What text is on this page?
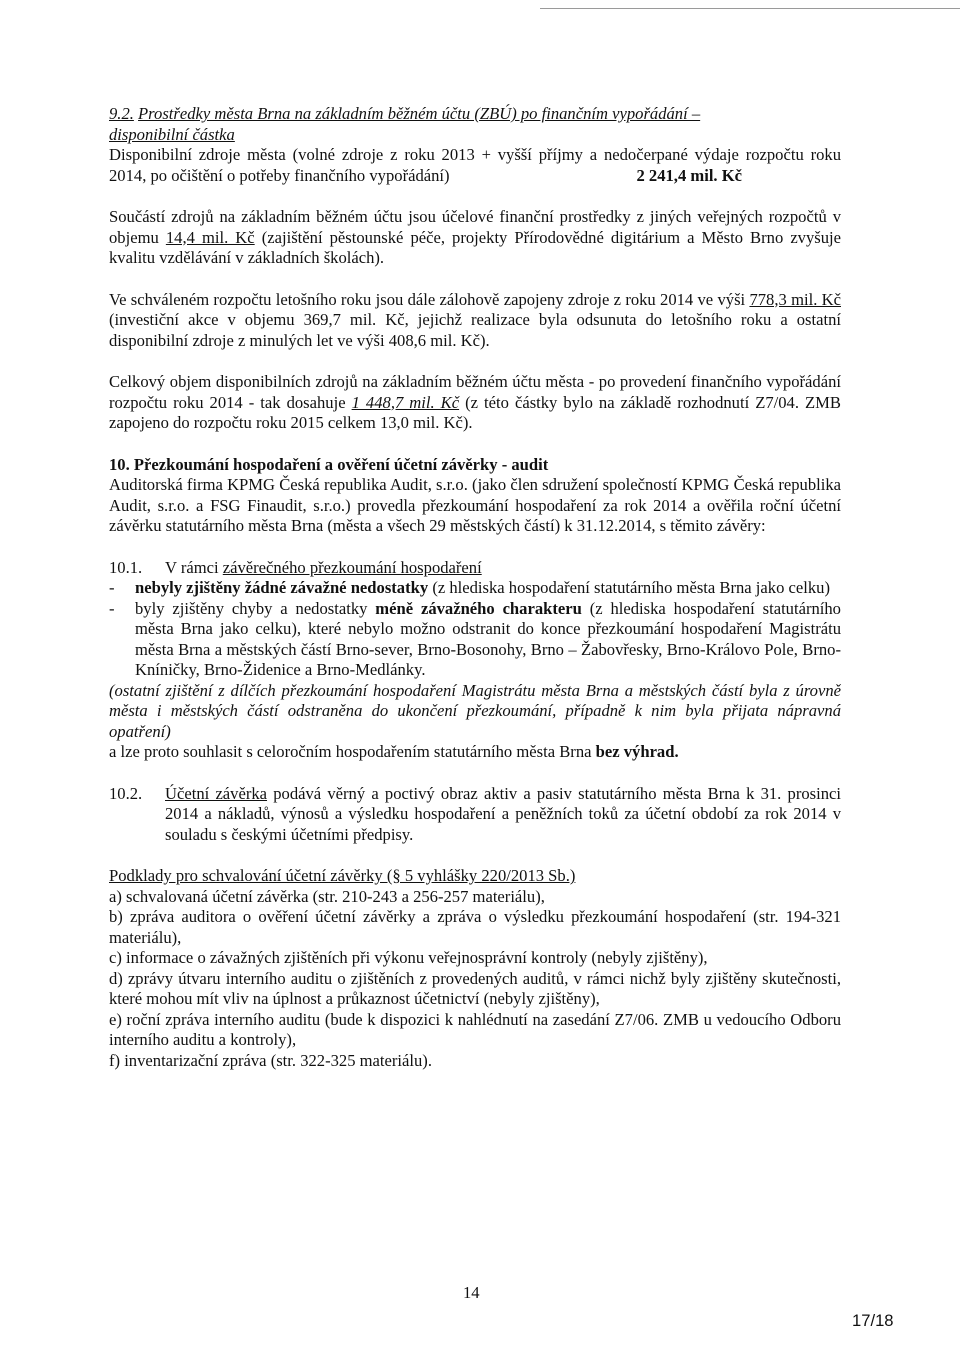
9.2. Prostředky města Brna na základním běžném účtu (ZBÚ) po finančním vypořádání –
disponibilní částka

Disponibilní zdroje města (volné zdroje z roku 2013 + vyšší příjmy a nedočerpané výdaje rozpočtu roku 2014, po očištění o potřeby finančního vypořádání)	2 241,4 mil. Kč

Součástí zdrojů na základním běžném účtu jsou účelové finanční prostředky z jiných veřejných rozpočtů v objemu 14,4 mil. Kč (zajištění pěstounské péče, projekty Přírodovědné digitárium a Město Brno zvyšuje kvalitu vzdělávání v základních školách).

Ve schváleném rozpočtu letošního roku jsou dále zálohově zapojeny zdroje z roku 2014 ve výši 778,3 mil. Kč (investiční akce v objemu 369,7 mil. Kč, jejichž realizace byla odsunuta do letošního roku a ostatní disponibilní zdroje z minulých let ve výši 408,6 mil. Kč).

Celkový objem disponibilních zdrojů na základním běžném účtu města - po provedení finančního vypořádání rozpočtu roku 2014 - tak dosahuje 1 448,7 mil. Kč (z této částky bylo na základě rozhodnutí Z7/04. ZMB zapojeno do rozpočtu roku 2015 celkem 13,0 mil. Kč).

10. Přezkoumání hospodaření a ověření účetní závěrky - audit

Auditorská firma KPMG Česká republika Audit, s.r.o. (jako člen sdružení společností KPMG Česká republika Audit, s.r.o. a FSG Finaudit, s.r.o.) provedla přezkoumání hospodaření za rok 2014 a ověřila roční účetní závěrku statutárního města Brna (města a všech 29 městských částí) k 31.12.2014, s těmito závěry:

10.1.	V rámci závěrečného přezkoumání hospodaření
-	nebyly zjištěny žádné závažné nedostatky (z hlediska hospodaření statutárního města Brna jako celku)
-	byly zjištěny chyby a nedostatky méně závažného charakteru (z hlediska hospodaření statutárního města Brna jako celku), které nebylo možno odstranit do konce přezkoumání hospodaření Magistrátu města Brna a městských částí Brno-sever, Brno-Bosonohy, Brno – Žabovřesky, Brno-Královo Pole, Brno-Kníničky, Brno-Židenice a Brno-Medlánky.

(ostatní zjištění z dílčích přezkoumání hospodaření Magistrátu města Brna a městských částí byla z úrovně města i městských částí odstraněna do ukončení přezkoumání, případně k nim byla přijata nápravná opatření)

a lze proto souhlasit s celoročním hospodařením statutárního města Brna bez výhrad.

10.2.	Účetní závěrka podává věrný a poctivý obraz aktiv a pasiv statutárního města Brna k 31. prosinci 2014 a nákladů, výnosů a výsledku hospodaření a peněžních toků za účetní období za rok 2014 v souladu s českými účetními předpisy.

Podklady pro schvalování účetní závěrky (§ 5 vyhlášky 220/2013 Sb.)

a) schvalovaná účetní závěrka (str. 210-243 a 256-257 materiálu),

b) zpráva auditora o ověření účetní závěrky a zpráva o výsledku přezkoumání hospodaření (str. 194-321 materiálu),

c) informace o závažných zjištěních při výkonu veřejnosprávní kontroly (nebyly zjištěny),

d) zprávy útvaru interního auditu o zjištěních z provedených auditů, v rámci nichž byly zjištěny skutečnosti, které mohou mít vliv na úplnost a průkaznost účetnictví (nebyly zjištěny),

e) roční zpráva interního auditu (bude k dispozici k nahlédnutí na zasedání Z7/06. ZMB u vedoucího Odboru interního auditu a kontroly),

f) inventarizační zpráva (str. 322-325 materiálu).

14
17/18
